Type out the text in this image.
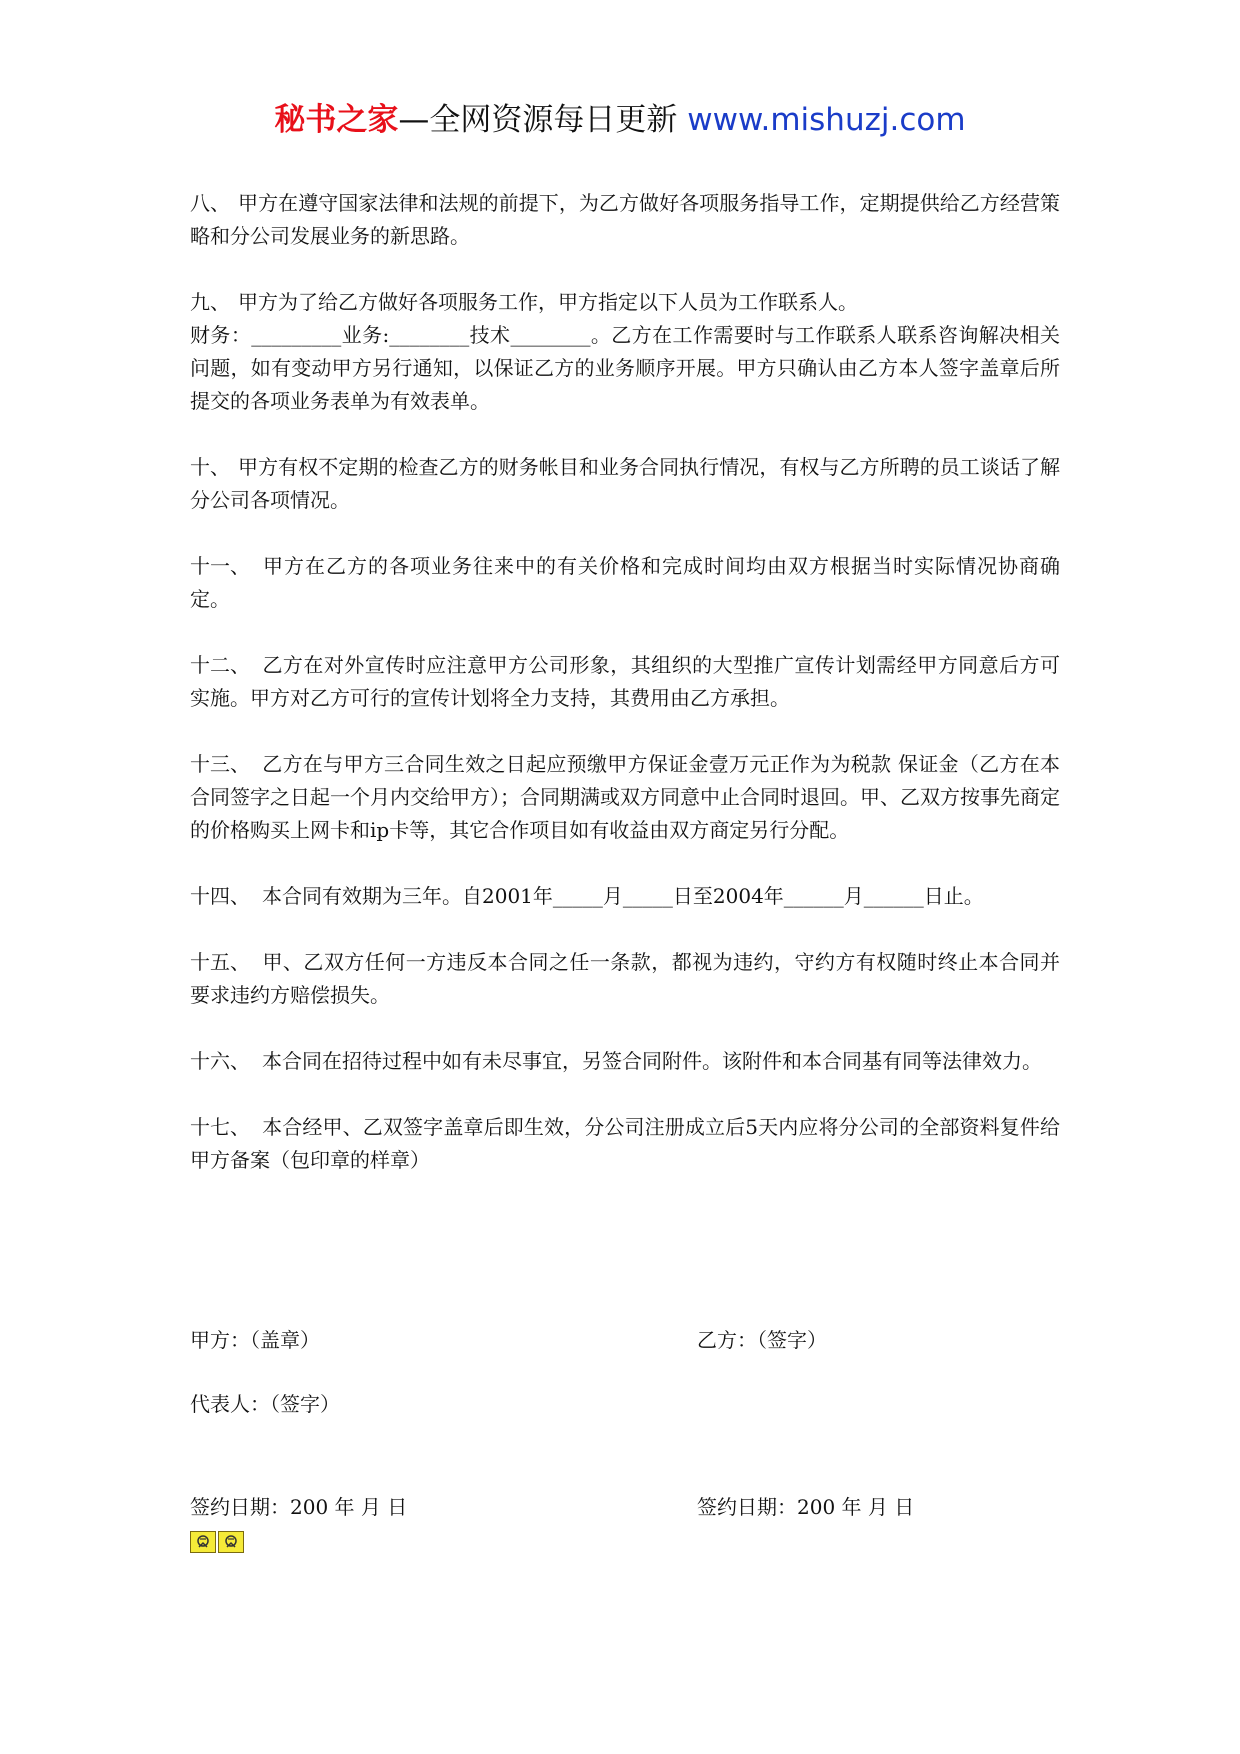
秘书之家—全网资源每日更新 www.mishuzj.com

八、 甲方在遵守国家法律和法规的前提下，为乙方做好各项服务指导工作，定期提供给乙方经营策略和分公司发展业务的新思路。

九、 甲方为了给乙方做好各项服务工作，甲方指定以下人员为工作联系人。
财务：_________业务:________技术________。乙方在工作需要时与工作联系人联系咨询解决相关问题，如有变动甲方另行通知，以保证乙方的业务顺序开展。甲方只确认由乙方本人签字盖章后所提交的各项业务表单为有效表单。

十、 甲方有权不定期的检查乙方的财务帐目和业务合同执行情况，有权与乙方所聘的员工谈话了解分公司各项情况。

十一、 甲方在乙方的各项业务往来中的有关价格和完成时间均由双方根据当时实际情况协商确定。

十二、 乙方在对外宣传时应注意甲方公司形象，其组织的大型推广宣传计划需经甲方同意后方可实施。甲方对乙方可行的宣传计划将全力支持，其费用由乙方承担。

十三、 乙方在与甲方三合同生效之日起应预缴甲方保证金壹万元正作为为税款 保证金（乙方在本合同签字之日起一个月内交给甲方）；合同期满或双方同意中止合同时退回。甲、乙双方按事先商定的价格购买上网卡和ip卡等，其它合作项目如有收益由双方商定另行分配。

十四、 本合同有效期为三年。自2001年_____月_____日至2004年______月______日止。

十五、 甲、乙双方任何一方违反本合同之任一条款，都视为违约，守约方有权随时终止本合同并要求违约方赔偿损失。

十六、 本合同在招待过程中如有未尽事宜，另签合同附件。该附件和本合同基有同等法律效力。

十七、 本合经甲、乙双签字盖章后即生效，分公司注册成立后5天内应将分公司的全部资料复件给甲方备案（包印章的样章）

甲方：（盖章）	乙方：（签字）
代表人：（签字）
签约日期：200 年 月 日	签约日期：200 年 月 日
